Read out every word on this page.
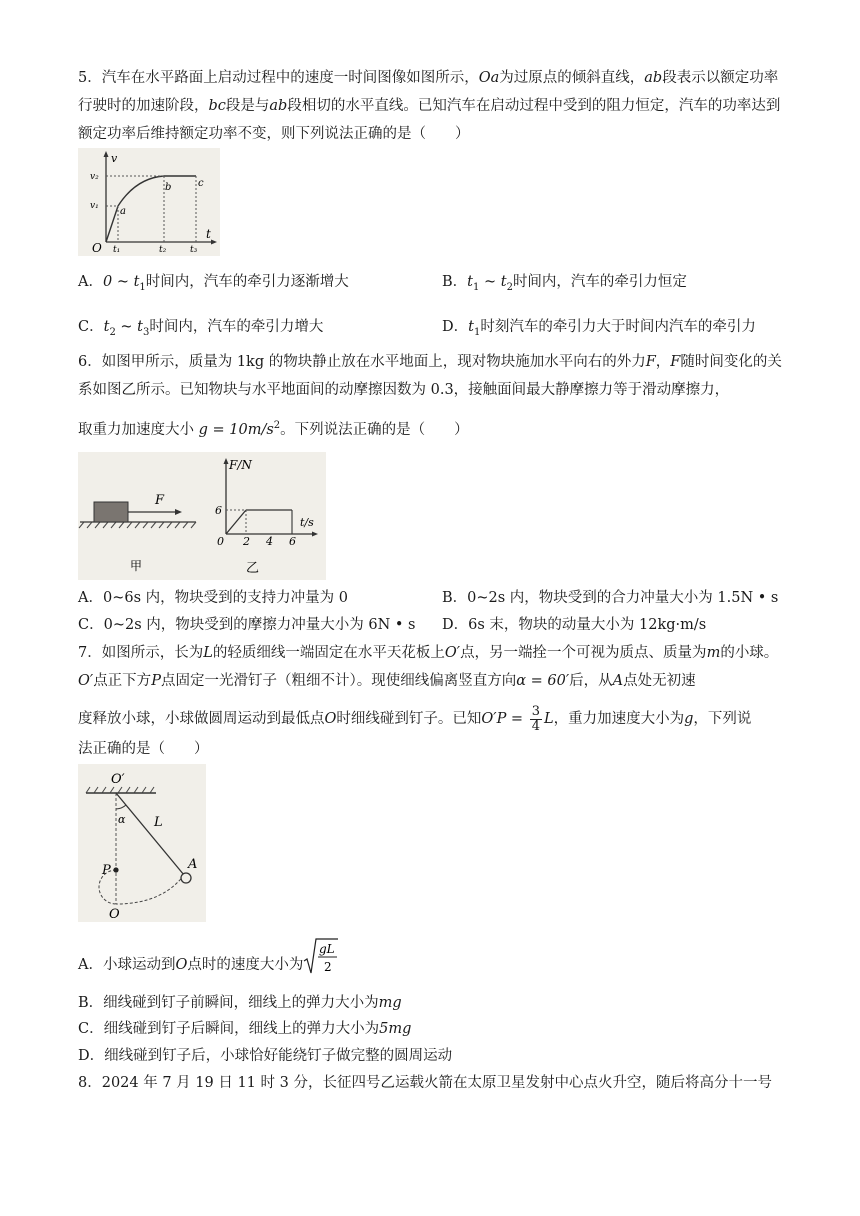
5．汽车在水平路面上启动过程中的速度一时间图像如图所示，Oa为过原点的倾斜直线，ab段表示以额定功率行驶时的加速阶段，bc段是与ab段相切的水平直线。已知汽车在启动过程中受到的阻力恒定，汽车的功率达到额定功率后维持额定功率不变，则下列说法正确的是（　　）

v
t
O
v₁
v₂
a
b	c
t₁	t₂	t₃
A．0 ~ $t_1$时间内，汽车的牵引力逐渐增大	B．$t_1$ ~ $t_2$时间内，汽车的牵引力恒定
C．$t_2$ ~ $t_3$时间内，汽车的牵引力增大	D．$t_1$时刻汽车的牵引力大于时间内汽车的牵引力

6．如图甲所示，质量为 1kg 的物块静止放在水平地面上，现对物块施加水平向右的外力F，F随时间变化的关系如图乙所示。已知物块与水平地面间的动摩擦因数为 0.3，接触面间最大静摩擦力等于滑动摩擦力，

取重力加速度大小 $g = 10m/s^2$。下列说法正确的是（　　）
F
甲
F/N
t/s
6
0 2 4 6
乙
A．0~6s 内，物块受到的支持力冲量为 0	B．0~2s 内，物块受到的合力冲量大小为 1.5N • s
C．0~2s 内，物块受到的摩擦力冲量大小为 6N • s D．6s 末，物块的动量大小为 12kg·m/s

7．如图所示，长为L的轻质细线一端固定在水平天花板上O′点，另一端拴一个可视为质点、质量为m的小球。O′点正下方P点固定一光滑钉子（粗细不计）。现使细线偏离竖直方向α = 60′后，从A点处无初速

度释放小球，小球做圆周运动到最低点O时细线碰到钉子。已知$O'P = \frac{3}{4}$ L，重力加速度大小为g，下列说
法正确的是（　　）
O′
α L
A
P
O
A．小球运动到O点时的速度大小为
gL
2
B．细线碰到钉子前瞬间，细线上的弹力大小为mg
C．细线碰到钉子后瞬间，细线上的弹力大小为5mg
D．细线碰到钉子后，小球恰好能绕钉子做完整的圆周运动
8．2024 年 7 月 19 日 11 时 3 分，长征四号乙运载火箭在太原卫星发射中心点火升空，随后将高分十一号
